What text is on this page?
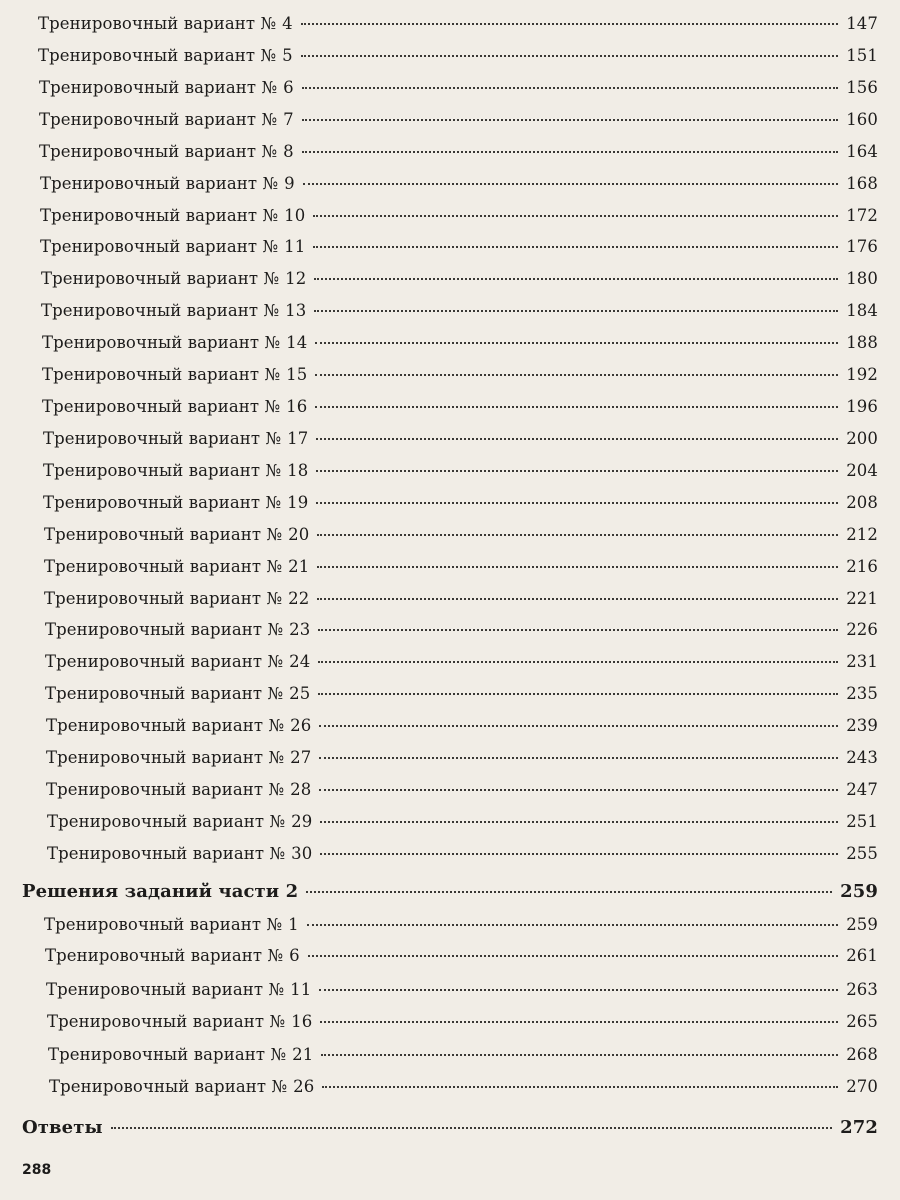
Тренировочный вариант № 4	147
Тренировочный вариант № 5	151
Тренировочный вариант № 6	156
Тренировочный вариант № 7	160
Тренировочный вариант № 8	164
Тренировочный вариант № 9	168
Тренировочный вариант № 10	172
Тренировочный вариант № 11	176
Тренировочный вариант № 12	180
Тренировочный вариант № 13	184
Тренировочный вариант № 14	188
Тренировочный вариант № 15	192
Тренировочный вариант № 16	196
Тренировочный вариант № 17	200
Тренировочный вариант № 18	204
Тренировочный вариант № 19	208
Тренировочный вариант № 20	212
Тренировочный вариант № 21	216
Тренировочный вариант № 22	221
Тренировочный вариант № 23	226
Тренировочный вариант № 24	231
Тренировочный вариант № 25	235
Тренировочный вариант № 26	239
Тренировочный вариант № 27	243
Тренировочный вариант № 28	247
Тренировочный вариант № 29	251
Тренировочный вариант № 30	255
Решения заданий части 2	259
Тренировочный вариант № 1	259
Тренировочный вариант № 6	261
Тренировочный вариант № 11	263
Тренировочный вариант № 16	265
Тренировочный вариант № 21	268
Тренировочный вариант № 26	270
Ответы	272
288
